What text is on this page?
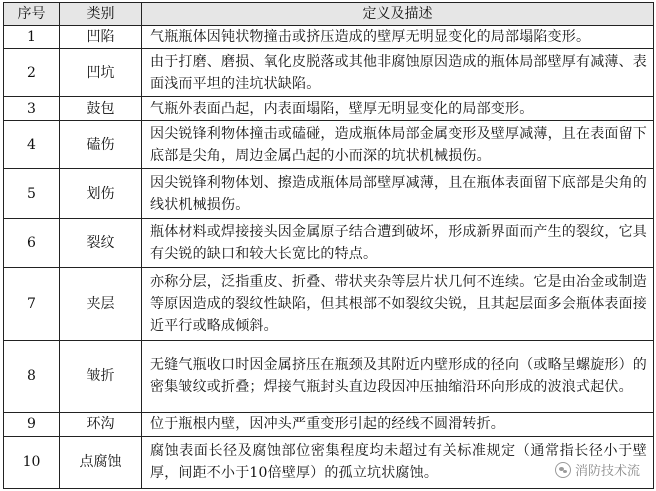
序号	类别	定义及描述
1	凹陷	气瓶瓶体因钝状物撞击或挤压造成的壁厚无明显变化的局部塌陷变形。
2	凹坑	由于打磨、磨损、氧化皮脱落或其他非腐蚀原因造成的瓶体局部壁厚有减薄、表面浅而平坦的洼坑状缺陷。
3	鼓包	气瓶外表面凸起，内表面塌陷，壁厚无明显变化的局部变形。
4	磕伤	因尖锐锋利物体撞击或磕碰，造成瓶体局部金属变形及壁厚减薄，且在表面留下底部是尖角，周边金属凸起的小而深的坑状机械损伤。
5	划伤	因尖锐锋利物体划、擦造成瓶体局部壁厚减薄，且在瓶体表面留下底部是尖角的线状机械损伤。
6	裂纹	瓶体材料或焊接接头因金属原子结合遭到破坏，形成新界面而产生的裂纹，它具有尖锐的缺口和较大长宽比的特点。
7	夹层	亦称分层，泛指重皮、折叠、带状夹杂等层片状几何不连续。它是由冶金或制造等原因造成的裂纹性缺陷，但其根部不如裂纹尖锐，且其起层面多会瓶体表面接近平行或略成倾斜。
8	皱折	无缝气瓶收口时因金属挤压在瓶颈及其附近内壁形成的径向（或略呈螺旋形）的密集皱纹或折叠；焊接气瓶封头直边段因冲压抽缩沿环向形成的波浪式起伏。
9	环沟	位于瓶根内壁，因冲头严重变形引起的经线不圆滑转折。
10	点腐蚀	腐蚀表面长径及腐蚀部位密集程度均未超过有关标准规定（通常指长径小于壁厚，间距不小于10倍壁厚）的孤立坑状腐蚀。	消防技术流
